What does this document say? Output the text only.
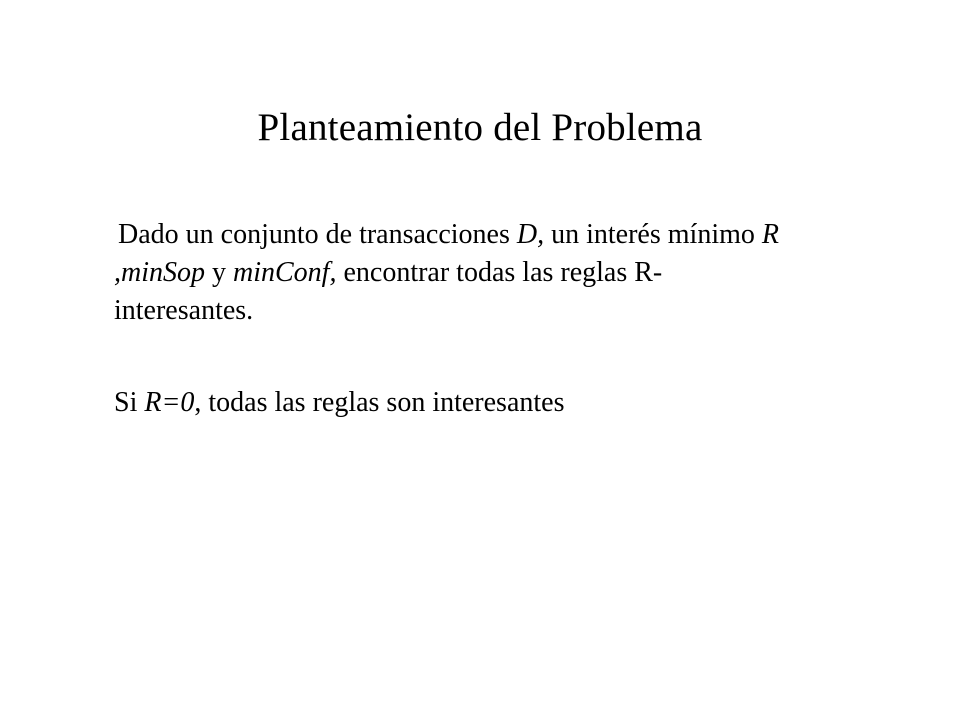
Planteamiento del Problema
Dado un conjunto de transacciones D, un interés mínimo R
,minSop y minConf, encontrar todas las reglas R-
interesantes.
Si R=0, todas las reglas son interesantes
